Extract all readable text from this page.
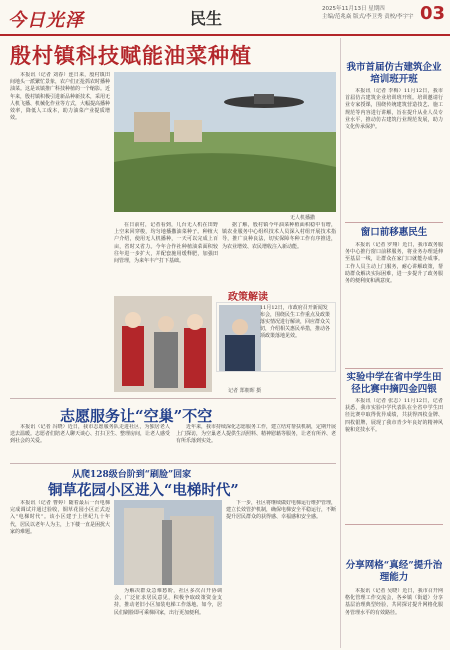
今日光泽	民生	2025年11月13日 星期四
主编/范兆焱 版式/李卫秀 责校/李宇宇 03
殷村镇科技赋能油菜种植
本报讯（记者 刘春）连日来，殷村镇田间地头一派繁忙景象，农户们正抢抓农时播种油菜。这是该镇推广科技种植的一个缩影。近年来，殷村镇积极引进新品种新技术，采用无人机飞播、机械化作业等方式，大幅提高播种效率，降低人工成本，助力油菜产业提质增效。
无人机播撒
在日前村，记者看到，几台无人机在田野上空来回穿梭，均匀地播撒油菜种子。种植大户介绍，使用无人机播种，一天可以完成上百亩，省时又省力。今年合作社种植油菜面积较往年进一步扩大，并配套施用缓释肥，加强田间管理，为来年丰产打下基础。
据了解，殷村镇今年油菜种植面积稳中有增，镇农业服务中心组织技术人员深入村组开展技术指导，推广良种良法，切实保障冬种工作有序推进，为农业增效、农民增收注入新动能。
政策解读
11月12日，市政府召开新闻发布会，围绕民生工作重点及政策落实情况进行解读，回应群众关切，介绍相关惠民举措，推动各项政策落地见效。
记者 郑朝晖 摄
志愿服务让“空巢”不空
本报讯（记者 冯晓）近日，我市志愿服务队走进社区，为独居老人送去温暖。志愿者们陪老人聊天谈心、打扫卫生、整理房间，让老人感受到社会的关爱。
近年来，我市持续深化志愿服务工作，建立结对帮扶机制，定期开展上门探访，为空巢老人提供生活照料、精神慰藉等服务，让老有所养、老有所乐落到实处。
从爬128级台阶到“刷脸”回家
铜草花园小区进入“电梯时代”
本报讯（记者 曹婷）随着最后一台电梯完成调试并通过验收，铜草花园小区正式迈入“电梯时代”。该小区建于上世纪九十年代，居民以老年人为主，上下楼一直是困扰大家的难题。
为解决群众急难愁盼，社区多次召开协调会，广泛征求居民意见，积极争取政策资金支持，推动老旧小区加装电梯工作落地。如今，居民们刷脸即可乘梯回家，出行更加便利。
下一步，社区将继续做好电梯运行维护管理，建立长效管护机制，确保电梯安全平稳运行，不断提升居民群众的获得感、幸福感和安全感。
我市首届仿古建筑企业培训班开班
本报讯（记者 李梅）11月12日，我市首届仿古建筑企业培训班开班。培训邀请行业专家授课，围绕传统建筑营造技艺、施工规范等内容进行讲解，旨在提升从业人员专业水平，推动仿古建筑行业规范发展，助力文化传承保护。
窗口前移惠民生
本报讯（记者 罗翔）近日，我市政务服务中心推行窗口前移服务，将业务办理延伸至基层一线，让群众在家门口就能办成事。工作人员主动上门服务，耐心讲解政策，帮助群众解决实际困难，进一步提升了政务服务的便利度和满意度。
实验中学在省中学生田径比赛中摘四金四银
本报讯（记者 张志）11月12日，记者获悉，我市实验中学代表队在全省中学生田径比赛中取得优异成绩，共获得四枚金牌、四枚银牌，展现了我市青少年良好的精神风貌和竞技水平。
分享网格“真经”提升治理能力
本报讯（记者 吴晓）近日，我市召开网格化管理工作交流会，各乡镇（街道）分享基层治理典型经验，共同探讨提升网格化服务管理水平的有效路径。
